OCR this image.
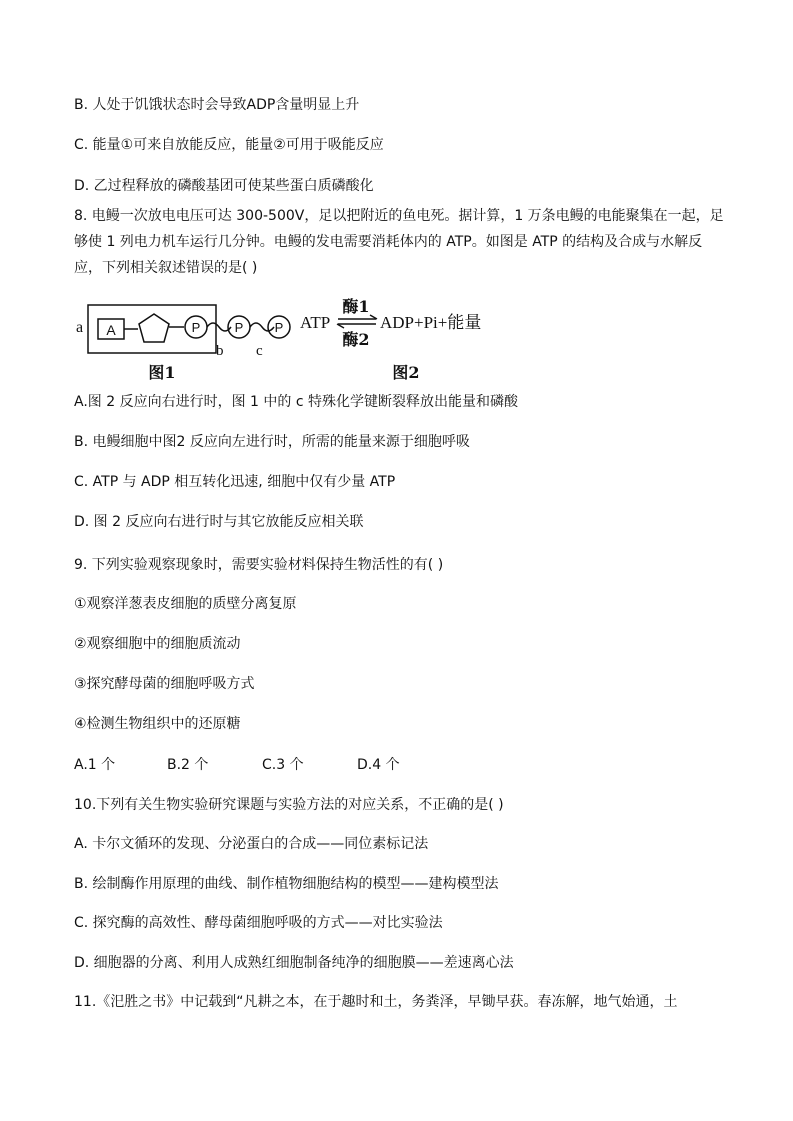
B. 人处于饥饿状态时会导致ADP含量明显上升
C. 能量①可来自放能反应，能量②可用于吸能反应
D. 乙过程释放的磷酸基团可使某些蛋白质磷酸化
8. 电鳗一次放电电压可达 300-500V，足以把附近的鱼电死。据计算，1 万条电鳗的电能聚集在一起，足够使 1 列电力机车运行几分钟。电鳗的发电需要消耗体内的 ATP。如图是 ATP 的结构及合成与水解反应，下列相关叙述错误的是( )
a A	P	P P
b c
图1
ATP
酶1
酶2
ADP+Pi+能量
图2
A.图 2 反应向右进行时，图 1 中的 c 特殊化学键断裂释放出能量和磷酸
B. 电鳗细胞中图2 反应向左进行时，所需的能量来源于细胞呼吸
C. ATP 与 ADP 相互转化迅速, 细胞中仅有少量 ATP
D. 图 2 反应向右进行时与其它放能反应相关联
9. 下列实验观察现象时，需要实验材料保持生物活性的有( )
①观察洋葱表皮细胞的质壁分离复原
②观察细胞中的细胞质流动
③探究酵母菌的细胞呼吸方式
④检测生物组织中的还原糖
A.1 个	B.2 个	C.3 个	D.4 个
10.下列有关生物实验研究课题与实验方法的对应关系，不正确的是( )
A. 卡尔文循环的发现、分泌蛋白的合成——同位素标记法
B. 绘制酶作用原理的曲线、制作植物细胞结构的模型——建构模型法
C. 探究酶的高效性、酵母菌细胞呼吸的方式——对比实验法
D. 细胞器的分离、利用人成熟红细胞制备纯净的细胞膜——差速离心法
11.《汜胜之书》中记载到“凡耕之本，在于趣时和土，务粪泽，早锄早获。春冻解，地气始通，土
